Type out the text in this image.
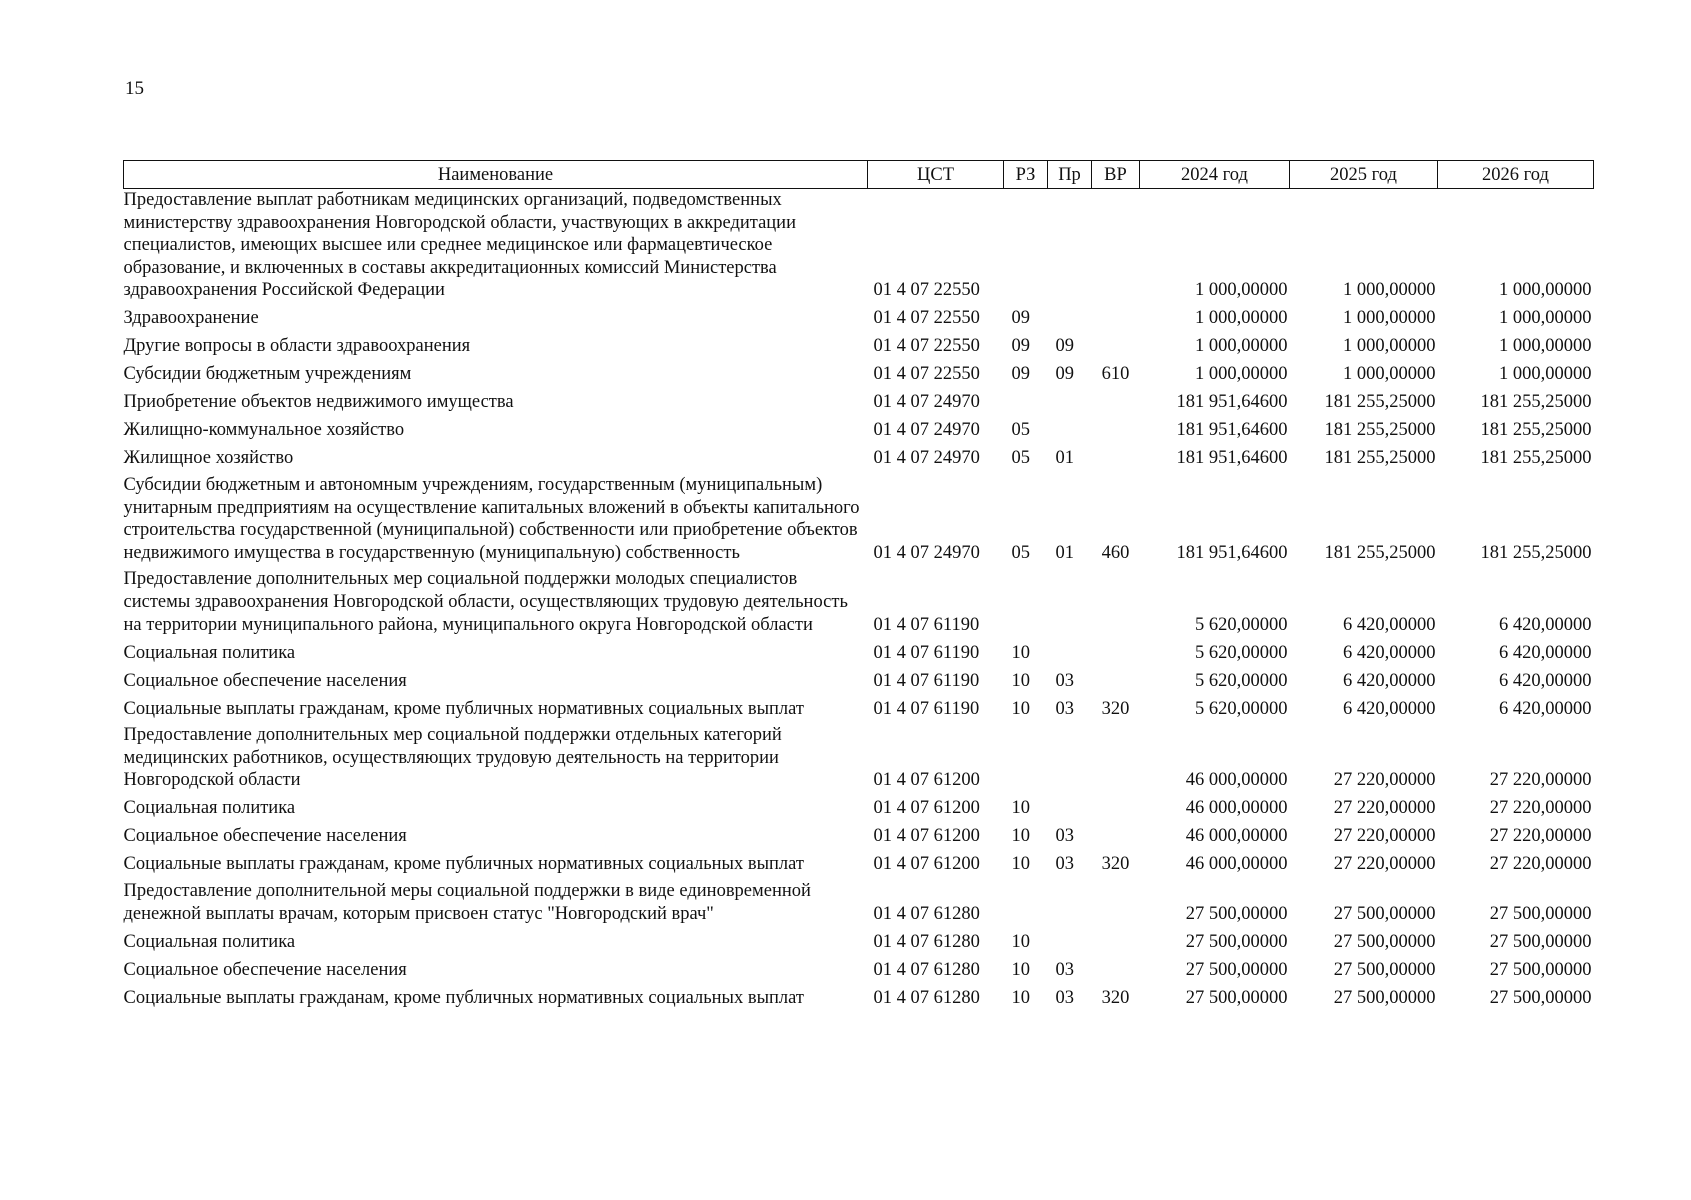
15
Наименование	ЦСТ	РЗ	Пр	ВР	2024 год	2025 год	2026 год
Предоставление выплат работникам медицинских организаций, подведомственных министерству здравоохранения Новгородской области, участвующих в аккредитации специалистов, имеющих высшее или среднее медицинское или фармацевтическое образование, и включенных в составы аккредитационных комиссий Министерства здравоохранения Российской Федерации	01 4 07 22550				1 000,00000	1 000,00000	1 000,00000
Здравоохранение	01 4 07 22550	09			1 000,00000	1 000,00000	1 000,00000
Другие вопросы в области здравоохранения	01 4 07 22550	09	09		1 000,00000	1 000,00000	1 000,00000
Субсидии бюджетным учреждениям	01 4 07 22550	09	09	610	1 000,00000	1 000,00000	1 000,00000
Приобретение объектов недвижимого имущества	01 4 07 24970				181 951,64600	181 255,25000	181 255,25000
Жилищно-коммунальное хозяйство	01 4 07 24970	05			181 951,64600	181 255,25000	181 255,25000
Жилищное хозяйство	01 4 07 24970	05	01		181 951,64600	181 255,25000	181 255,25000
Субсидии бюджетным и автономным учреждениям, государственным (муниципальным) унитарным предприятиям на осуществление капитальных вложений в объекты капитального строительства государственной (муниципальной) собственности или приобретение объектов недвижимого имущества в государственную (муниципальную) собственность	01 4 07 24970	05	01	460	181 951,64600	181 255,25000	181 255,25000
Предоставление дополнительных мер социальной поддержки молодых специалистов системы здравоохранения Новгородской области, осуществляющих трудовую деятельность на территории муниципального района, муниципального округа Новгородской области	01 4 07 61190				5 620,00000	6 420,00000	6 420,00000
Социальная политика	01 4 07 61190	10			5 620,00000	6 420,00000	6 420,00000
Социальное обеспечение населения	01 4 07 61190	10	03		5 620,00000	6 420,00000	6 420,00000
Социальные выплаты гражданам, кроме публичных нормативных социальных выплат	01 4 07 61190	10	03	320	5 620,00000	6 420,00000	6 420,00000
Предоставление дополнительных мер социальной поддержки отдельных категорий медицинских работников, осуществляющих трудовую деятельность на территории Новгородской области	01 4 07 61200				46 000,00000	27 220,00000	27 220,00000
Социальная политика	01 4 07 61200	10			46 000,00000	27 220,00000	27 220,00000
Социальное обеспечение населения	01 4 07 61200	10	03		46 000,00000	27 220,00000	27 220,00000
Социальные выплаты гражданам, кроме публичных нормативных социальных выплат	01 4 07 61200	10	03	320	46 000,00000	27 220,00000	27 220,00000
Предоставление дополнительной меры социальной поддержки в виде единовременной денежной выплаты врачам, которым присвоен статус "Новгородский врач"	01 4 07 61280				27 500,00000	27 500,00000	27 500,00000
Социальная политика	01 4 07 61280	10			27 500,00000	27 500,00000	27 500,00000
Социальное обеспечение населения	01 4 07 61280	10	03		27 500,00000	27 500,00000	27 500,00000
Социальные выплаты гражданам, кроме публичных нормативных социальных выплат	01 4 07 61280	10	03	320	27 500,00000	27 500,00000	27 500,00000
